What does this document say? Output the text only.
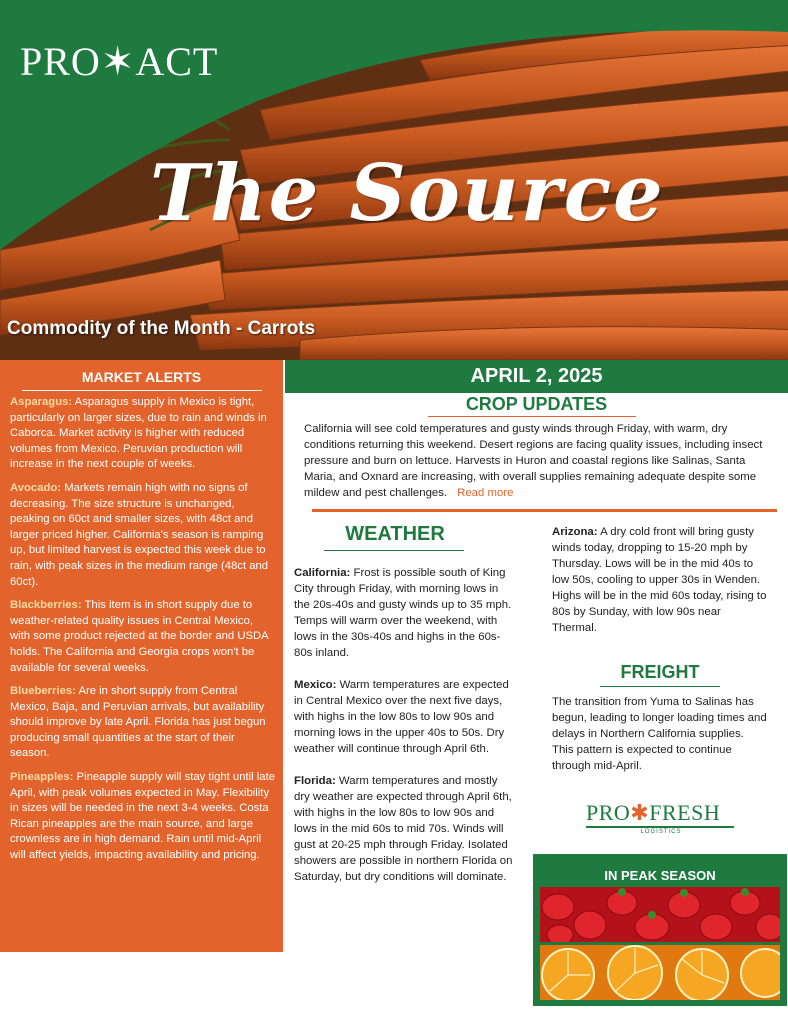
PRO✶ACT
The Source
Commodity of the Month - Carrots
MARKET ALERTS
Asparagus: Asparagus supply in Mexico is tight, particularly on larger sizes, due to rain and winds in Caborca. Market activity is higher with reduced volumes from Mexico. Peruvian production will increase in the next couple of weeks.
Avocado: Markets remain high with no signs of decreasing. The size structure is unchanged, peaking on 60ct and smaller sizes, with 48ct and larger priced higher. California's season is ramping up, but limited harvest is expected this week due to rain, with peak sizes in the medium range (48ct and 60ct).
Blackberries: This item is in short supply due to weather-related quality issues in Central Mexico, with some product rejected at the border and USDA holds. The California and Georgia crops won't be available for several weeks.
Blueberries: Are in short supply from Central Mexico, Baja, and Peruvian arrivals, but availability should improve by late April. Florida has just begun producing small quantities at the start of their season.
Pineapples: Pineapple supply will stay tight until late April, with peak volumes expected in May. Flexibility in sizes will be needed in the next 3-4 weeks. Costa Rican pineapples are the main source, and large crownless are in high demand. Rain until mid-April will affect yields, impacting availability and pricing.
APRIL 2, 2025
CROP UPDATES
California will see cold temperatures and gusty winds through Friday, with warm, dry conditions returning this weekend. Desert regions are facing quality issues, including insect pressure and burn on lettuce. Harvests in Huron and coastal regions like Salinas, Santa Maria, and Oxnard are increasing, with overall supplies remaining adequate despite some mildew and pest challenges. Read more
WEATHER

California: Frost is possible south of King City through Friday, with morning lows in the 20s-40s and gusty winds up to 35 mph. Temps will warm over the weekend, with lows in the 30s-40s and highs in the 60s-80s inland.

Mexico: Warm temperatures are expected in Central Mexico over the next five days, with highs in the low 80s to low 90s and morning lows in the upper 40s to 50s. Dry weather will continue through April 6th.

Florida: Warm temperatures and mostly dry weather are expected through April 6th, with highs in the low 80s to low 90s and lows in the mid 60s to mid 70s. Winds will gust at 20-25 mph through Friday. Isolated showers are possible in northern Florida on Saturday, but dry conditions will dominate.

Arizona: A dry cold front will bring gusty winds today, dropping to 15-20 mph by Thursday. Lows will be in the mid 40s to low 50s, cooling to upper 30s in Wenden. Highs will be in the mid 60s today, rising to 80s by Sunday, with low 90s near Thermal.

FREIGHT
The transition from Yuma to Salinas has begun, leading to longer loading times and delays in Northern California supplies. This pattern is expected to continue through mid-April.
PRO✱FRESH
LOGISTICS
IN PEAK SEASON
